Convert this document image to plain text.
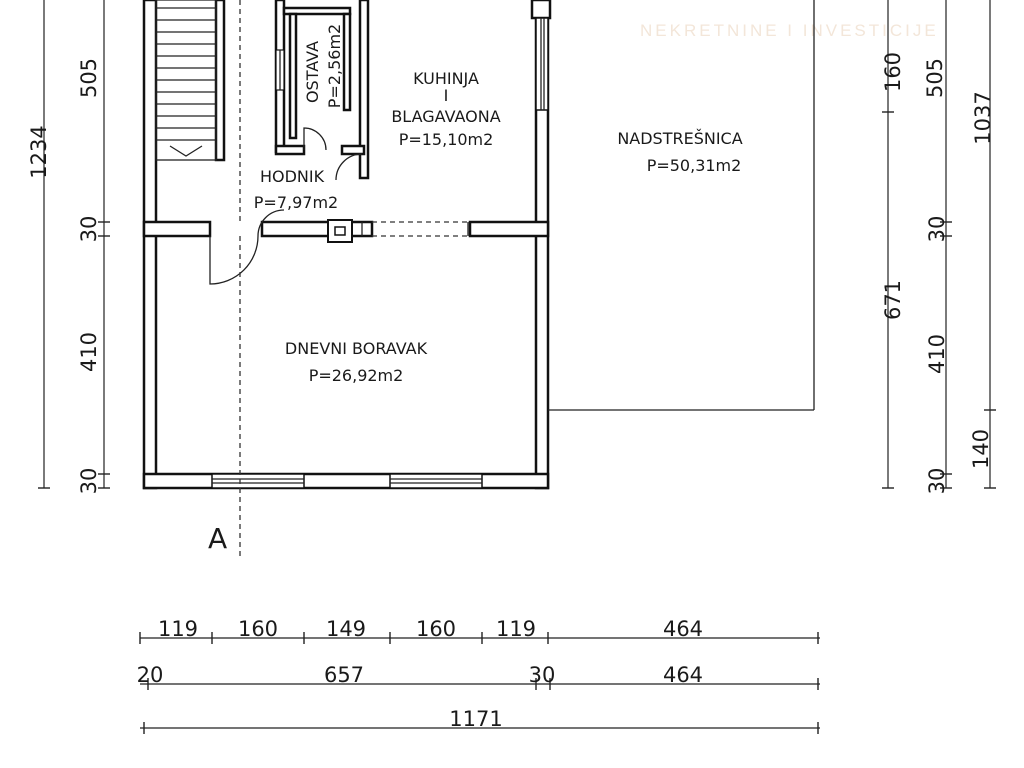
NEKRETNINE I INVESTICIJE
A
OSTAVA P=2,56m2	KUHINJA
I
BLAGAVAONA
P=15,10m2	NADSTREŠNICA
P=50,31m2
HODNIK
P=7,97m2
DNEVNI BORAVAK
P=26,92m2
1234
505
30
410
30
160 505
1037
30
671
410
140
30
119 160 149 160 119	464
20	657	30	464
1171
